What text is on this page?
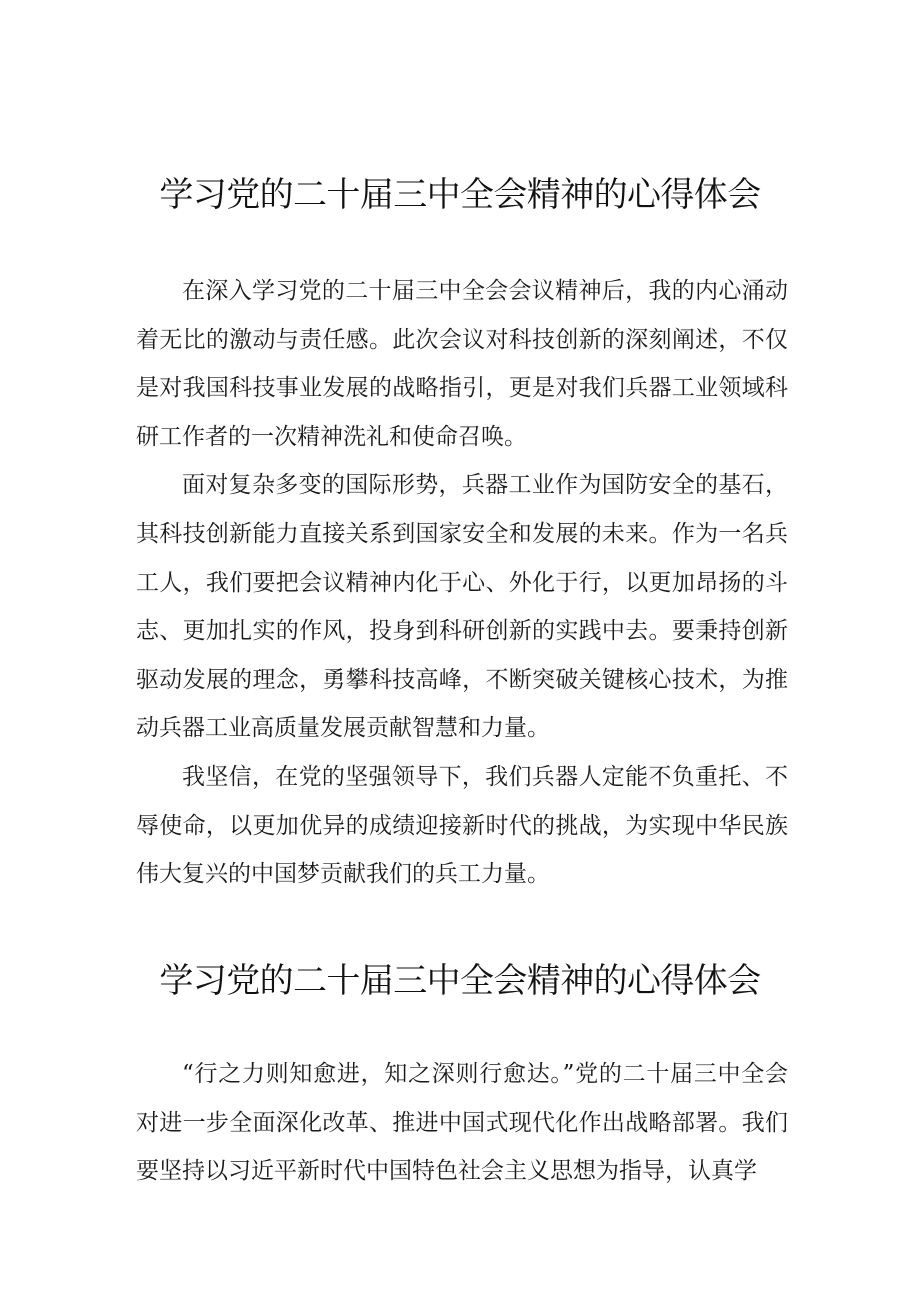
学习党的二十届三中全会精神的心得体会

在深入学习党的二十届三中全会会议精神后，我的内心涌动着无比的激动与责任感。此次会议对科技创新的深刻阐述，不仅是对我国科技事业发展的战略指引，更是对我们兵器工业领域科研工作者的一次精神洗礼和使命召唤。

面对复杂多变的国际形势，兵器工业作为国防安全的基石，其科技创新能力直接关系到国家安全和发展的未来。作为一名兵工人，我们要把会议精神内化于心、外化于行，以更加昂扬的斗志、更加扎实的作风，投身到科研创新的实践中去。要秉持创新驱动发展的理念，勇攀科技高峰，不断突破关键核心技术，为推动兵器工业高质量发展贡献智慧和力量。

我坚信，在党的坚强领导下，我们兵器人定能不负重托、不辱使命，以更加优异的成绩迎接新时代的挑战，为实现中华民族伟大复兴的中国梦贡献我们的兵工力量。

学习党的二十届三中全会精神的心得体会

“行之力则知愈进，知之深则行愈达。”党的二十届三中全会对进一步全面深化改革、推进中国式现代化作出战略部署。我们要坚持以习近平新时代中国特色社会主义思想为指导，认真学
